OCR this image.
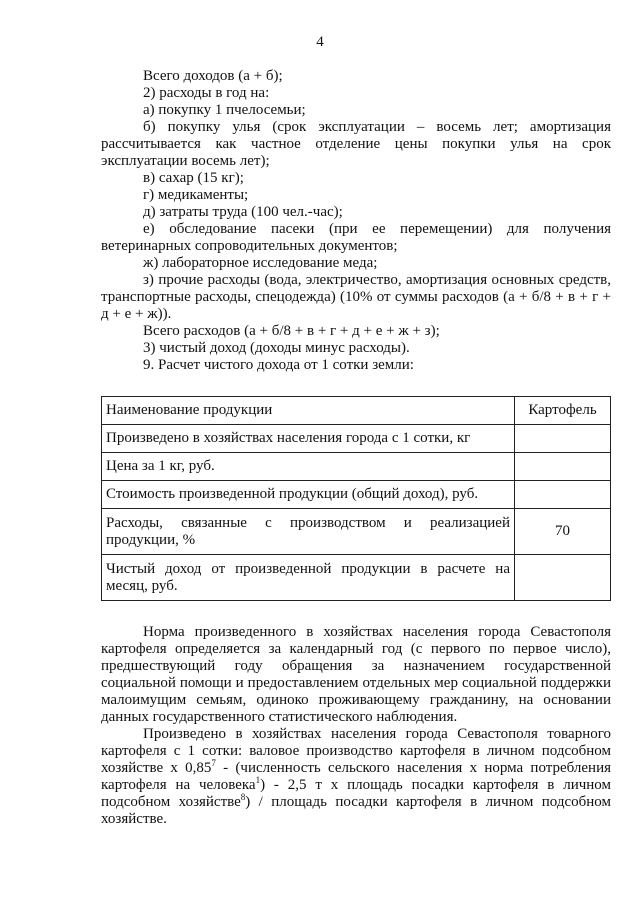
4

Всего доходов (а + б);

2) расходы в год на:

а) покупку 1 пчелосемьи;

б) покупку улья (срок эксплуатации – восемь лет; амортизация рассчитывается как частное отделение цены покупки улья на срок эксплуатации восемь лет);

в) сахар (15 кг);

г) медикаменты;

д) затраты труда (100 чел.-час);

е) обследование пасеки (при ее перемещении) для получения ветеринарных сопроводительных документов;

ж) лабораторное исследование меда;

з) прочие расходы (вода, электричество, амортизация основных средств, транспортные расходы, спецодежда) (10% от суммы расходов (а + б/8 + в + г + д + е + ж)).

Всего расходов (а + б/8 + в + г + д + е + ж + з);

3) чистый доход (доходы минус расходы).

9. Расчет чистого дохода от 1 сотки земли:

Наименование продукции	Картофель
Произведено в хозяйствах населения города с 1 сотки, кг	
Цена за 1 кг, руб.	
Стоимость произведенной продукции (общий доход), руб.	
Расходы, связанные с производством и реализацией продукции, %	70
Чистый доход от произведенной продукции в расчете на месяц, руб.	

Норма произведенного в хозяйствах населения города Севастополя картофеля определяется за календарный год (с первого по первое число), предшествующий году обращения за назначением государственной социальной помощи и предоставлением отдельных мер социальной поддержки малоимущим семьям, одиноко проживающему гражданину, на основании данных государственного статистического наблюдения.

Произведено в хозяйствах населения города Севастополя товарного картофеля с 1 сотки: валовое производство картофеля в личном подсобном хозяйстве х 0,85$^7$ - (численность сельского населения х норма потребления картофеля на человека$^1$) - 2,5 т х площадь посадки картофеля в личном подсобном хозяйстве$^8$) / площадь посадки картофеля в личном подсобном хозяйстве.
